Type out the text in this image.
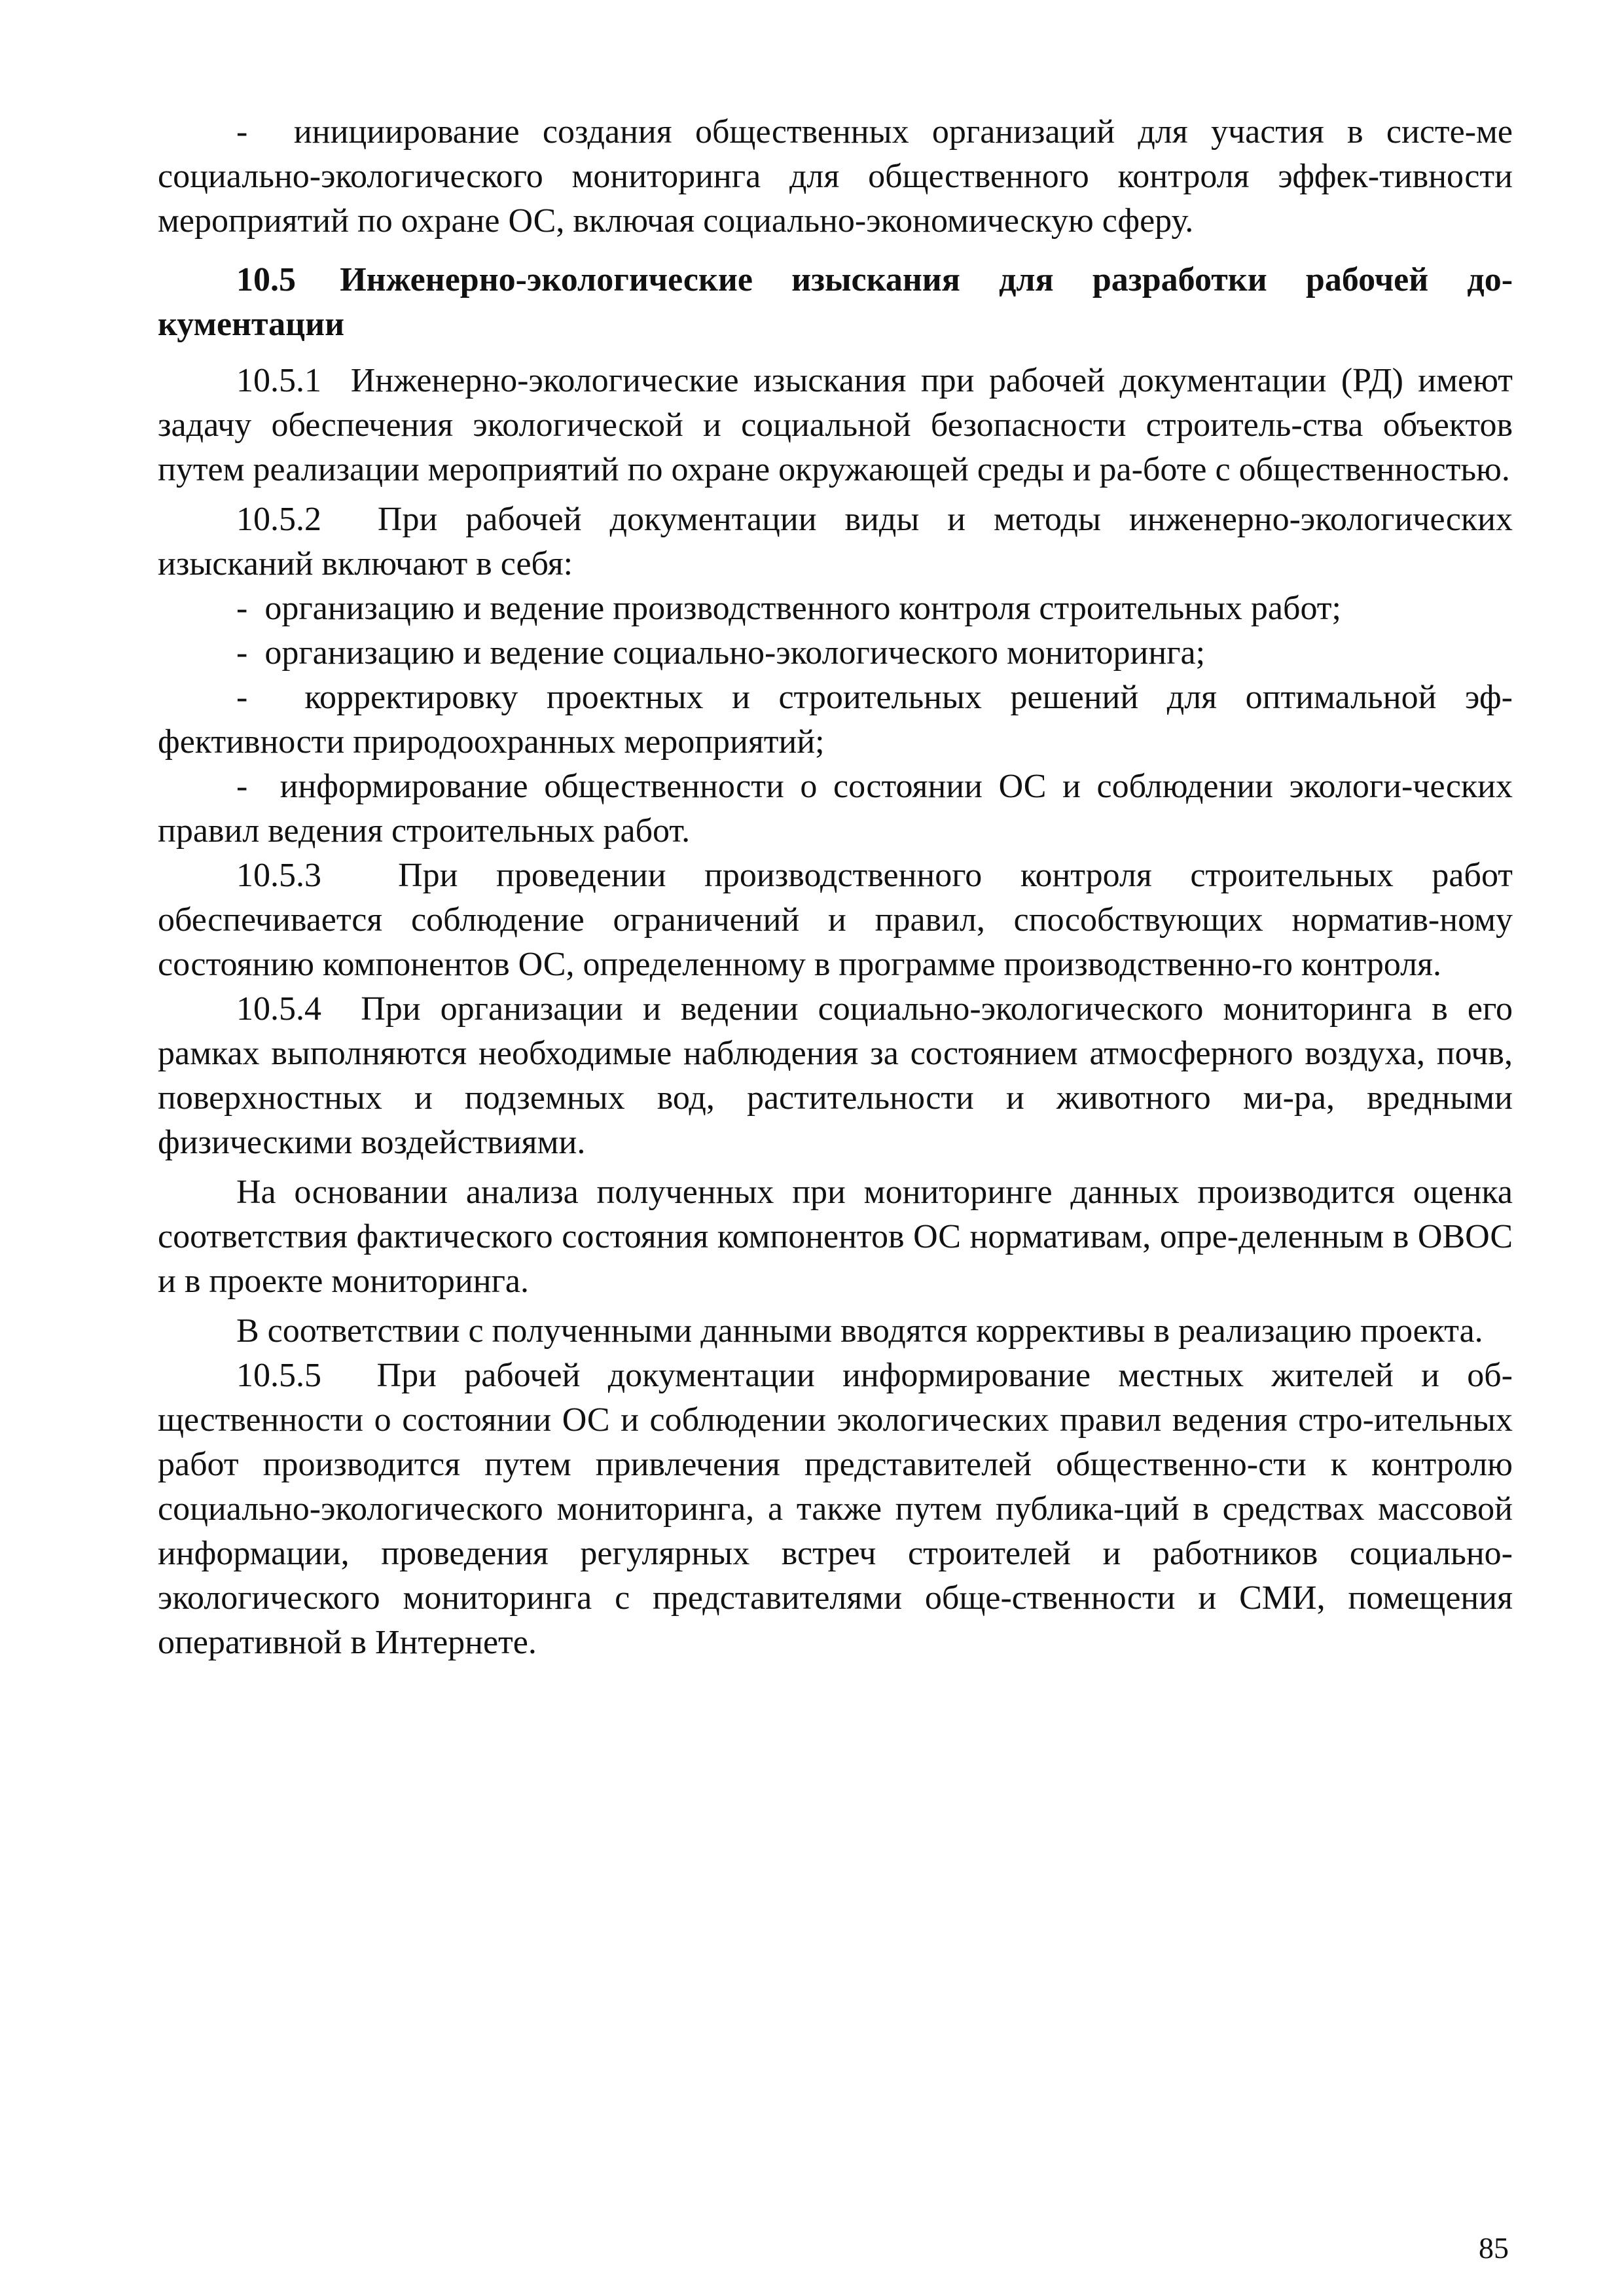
-  инициирование создания общественных организаций для участия в систе-ме социально-экологического мониторинга для общественного контроля эффек-тивности мероприятий по охране ОС, включая социально-экономическую сферу.

10.5 Инженерно-экологические изыскания для разработки рабочей до-кументации

10.5.1  Инженерно-экологические изыскания при рабочей документации (РД) имеют задачу обеспечения экологической и социальной безопасности строитель-ства объектов путем реализации мероприятий по охране окружающей среды и ра-боте с общественностью.

10.5.2  При рабочей документации виды и методы инженерно-экологических изысканий включают в себя:

-  организацию и ведение производственного контроля строительных работ;

-  организацию и ведение социально-экологического мониторинга;

-  корректировку проектных и строительных решений для оптимальной эф-фективности природоохранных мероприятий;

-  информирование общественности о состоянии ОС и соблюдении экологи-ческих правил ведения строительных работ.

10.5.3  При проведении производственного контроля строительных работ обеспечивается соблюдение ограничений и правил, способствующих норматив-ному состоянию компонентов ОС, определенному в программе производственно-го контроля.

10.5.4  При организации и ведении социально-экологического мониторинга в его рамках выполняются необходимые наблюдения за состоянием атмосферного воздуха, почв, поверхностных и подземных вод, растительности и животного ми-ра, вредными физическими воздействиями.

На основании анализа полученных при мониторинге данных производится оценка соответствия фактического состояния компонентов ОС нормативам, опре-деленным в ОВОС и в проекте мониторинга.

В соответствии с полученными данными вводятся коррективы в реализацию проекта.

10.5.5  При рабочей документации информирование местных жителей и об-щественности о состоянии ОС и соблюдении экологических правил ведения стро-ительных работ производится путем привлечения представителей общественно-сти к контролю социально-экологического мониторинга, а также путем публика-ций в средствах массовой информации, проведения регулярных встреч строителей и работников социально-экологического мониторинга с представителями обще-ственности и СМИ, помещения оперативной в Интернете.

85
